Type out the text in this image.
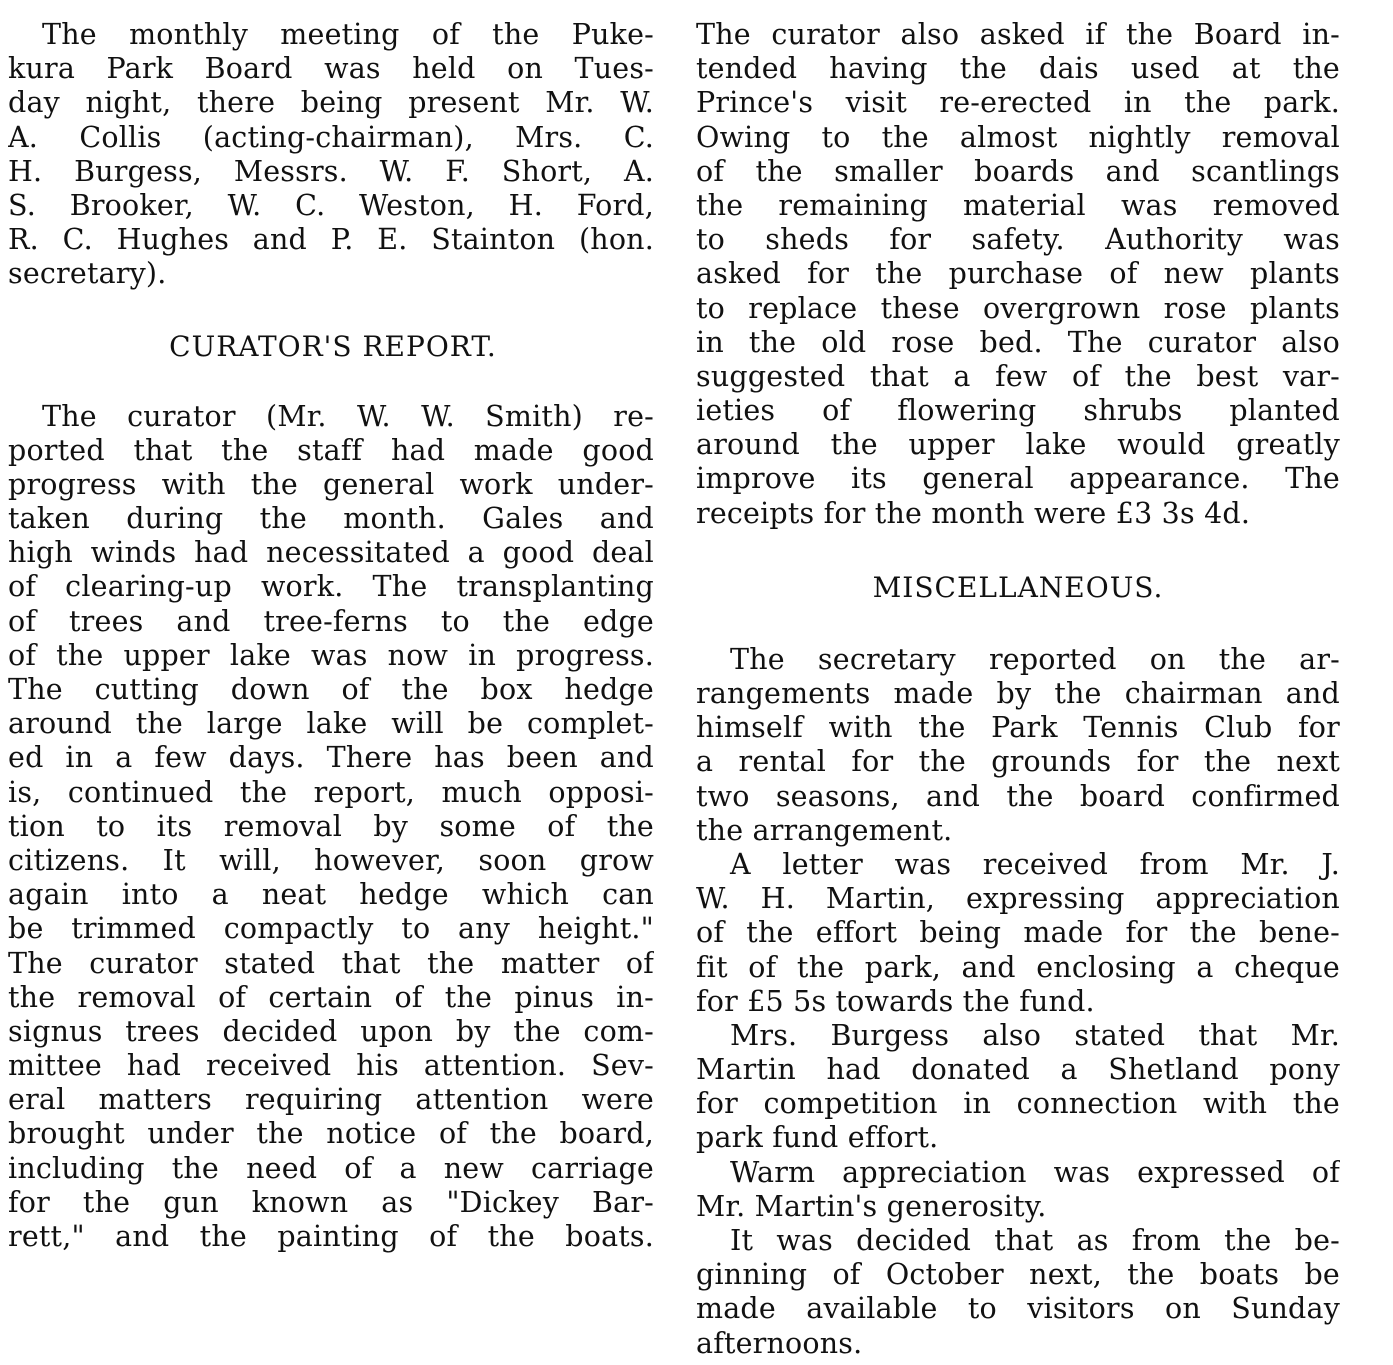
The monthly meeting of the Puke-
kura Park Board was held on Tues-
day night, there being present Mr. W.
A. Collis (acting-chairman), Mrs. C.
H. Burgess, Messrs. W. F. Short, A.
S. Brooker, W. C. Weston, H. Ford,
R. C. Hughes and P. E. Stainton (hon.
secretary).
CURATOR'S REPORT.
The curator (Mr. W. W. Smith) re-
ported that the staff had made good
progress with the general work under-
taken during the month. Gales and
high winds had necessitated a good deal
of clearing-up work. The transplanting
of trees and tree-ferns to the edge
of the upper lake was now in progress.
The cutting down of the box hedge
around the large lake will be complet-
ed in a few days. There has been and
is, continued the report, much opposi-
tion to its removal by some of the
citizens. It will, however, soon grow
again into a neat hedge which can
be trimmed compactly to any height."
The curator stated that the matter of
the removal of certain of the pinus in-
signus trees decided upon by the com-
mittee had received his attention. Sev-
eral matters requiring attention were
brought under the notice of the board,
including the need of a new carriage
for the gun known as "Dickey Bar-
rett," and the painting of the boats.
The curator also asked if the Board in-
tended having the dais used at the
Prince's visit re-erected in the park.
Owing to the almost nightly removal
of the smaller boards and scantlings
the remaining material was removed
to sheds for safety. Authority was
asked for the purchase of new plants
to replace these overgrown rose plants
in the old rose bed. The curator also
suggested that a few of the best var-
ieties of flowering shrubs planted
around the upper lake would greatly
improve its general appearance. The
receipts for the month were £3 3s 4d.
MISCELLANEOUS.
The secretary reported on the ar-
rangements made by the chairman and
himself with the Park Tennis Club for
a rental for the grounds for the next
two seasons, and the board confirmed
the arrangement.
A letter was received from Mr. J.
W. H. Martin, expressing appreciation
of the effort being made for the bene-
fit of the park, and enclosing a cheque
for £5 5s towards the fund.
Mrs. Burgess also stated that Mr.
Martin had donated a Shetland pony
for competition in connection with the
park fund effort.
Warm appreciation was expressed of
Mr. Martin's generosity.
It was decided that as from the be-
ginning of October next, the boats be
made available to visitors on Sunday
afternoons.
